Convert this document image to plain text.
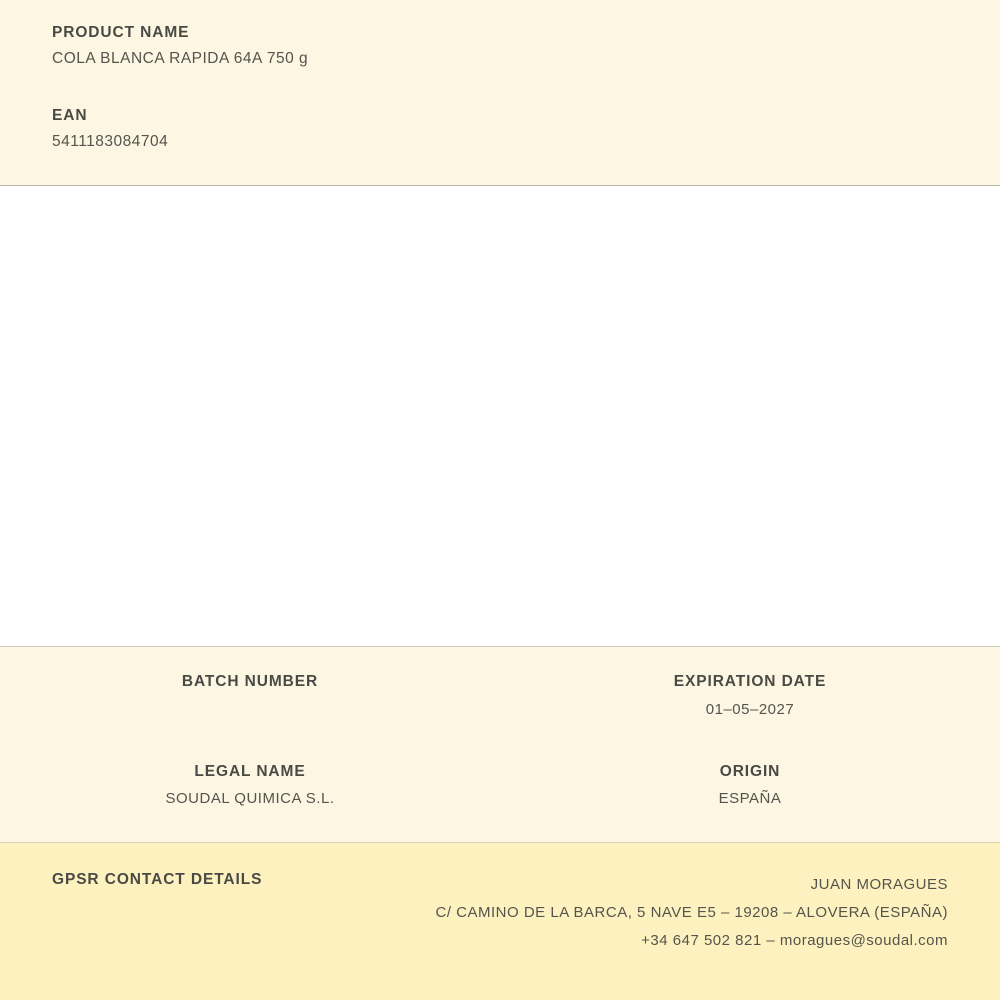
PRODUCT NAME
COLA BLANCA RAPIDA 64A 750 g
EAN
5411183084704
BATCH NUMBER	EXPIRATION DATE
01–05–2027
LEGAL NAME
SOUDAL QUIMICA S.L.
ORIGIN
ESPAÑA
GPSR CONTACT DETAILS	JUAN MORAGUES
C/ CAMINO DE LA BARCA, 5 NAVE E5 – 19208 – ALOVERA (ESPAÑA)
+34 647 502 821 – moragues@soudal.com
